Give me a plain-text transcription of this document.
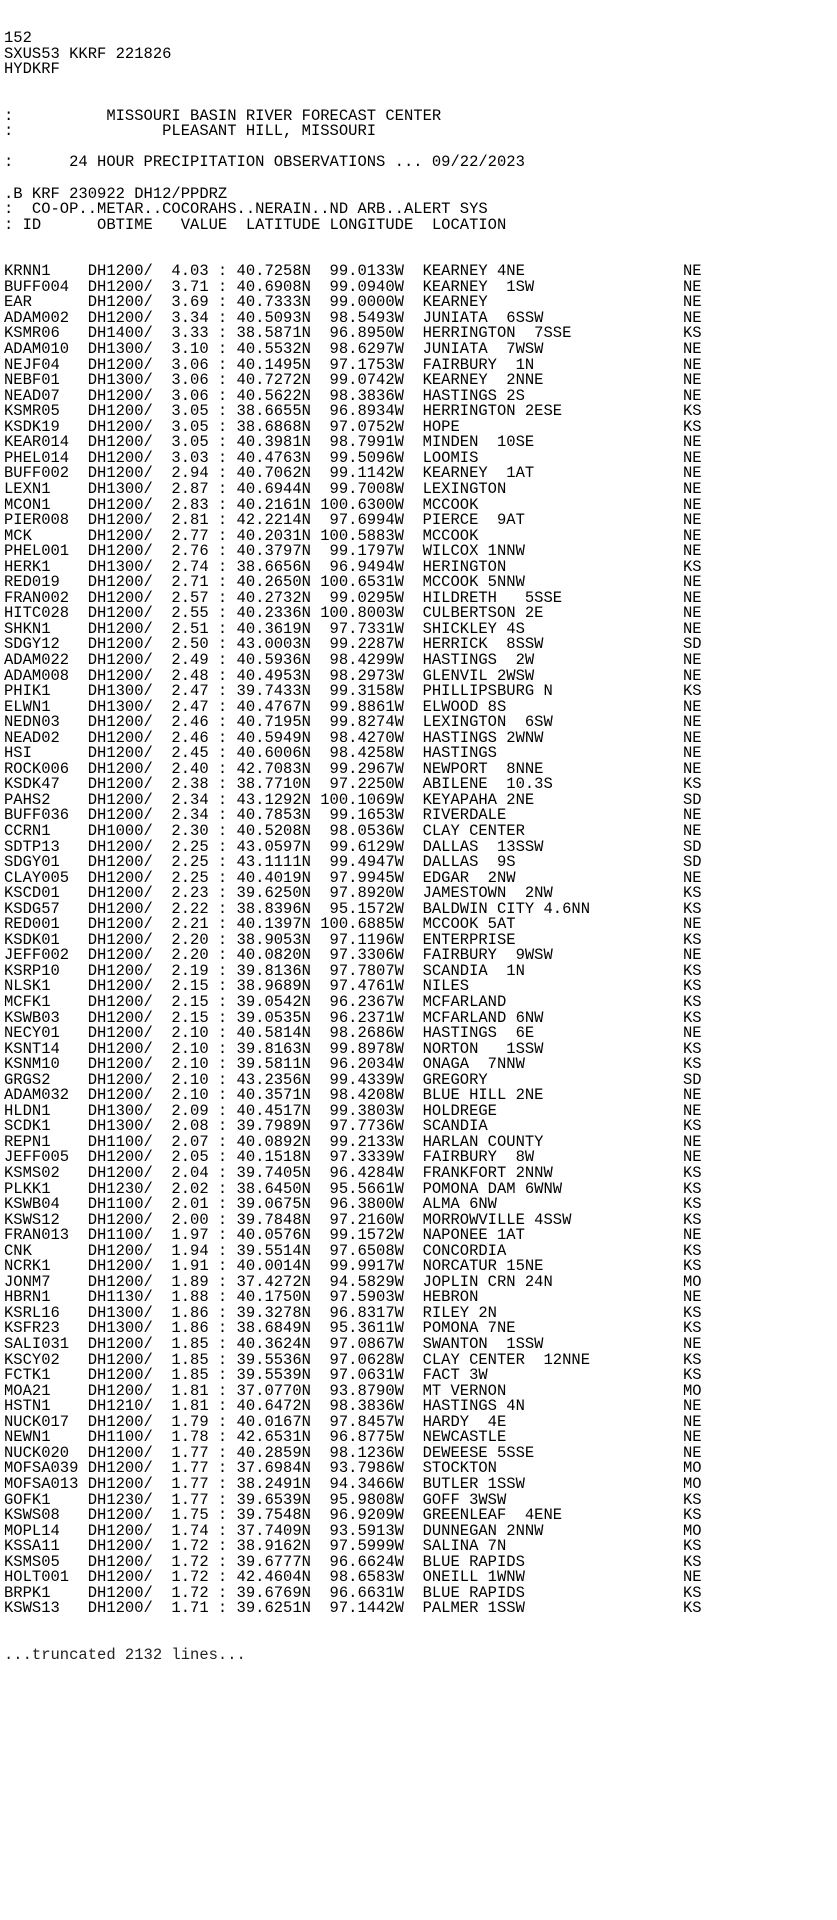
152
SXUS53 KKRF 221826
HYDKRF

:          MISSOURI BASIN RIVER FORECAST CENTER
:                PLEASANT HILL, MISSOURI

:      24 HOUR PRECIPITATION OBSERVATIONS ... 09/22/2023

.B KRF 230922 DH12/PPDRZ
:  CO-OP..METAR..COCORAHS..NERAIN..ND ARB..ALERT SYS
: ID      OBTIME   VALUE  LATITUDE LONGITUDE  LOCATION

KRNN1    DH1200/  4.03 : 40.7258N  99.0133W  KEARNEY 4NE                 NE
BUFF004  DH1200/  3.71 : 40.6908N  99.0940W  KEARNEY  1SW                NE
EAR      DH1200/  3.69 : 40.7333N  99.0000W  KEARNEY                     NE
ADAM002  DH1200/  3.34 : 40.5093N  98.5493W  JUNIATA  6SSW               NE
KSMR06   DH1400/  3.33 : 38.5871N  96.8950W  HERRINGTON  7SSE            KS
ADAM010  DH1300/  3.10 : 40.5532N  98.6297W  JUNIATA  7WSW               NE
NEJF04   DH1200/  3.06 : 40.1495N  97.1753W  FAIRBURY  1N                NE
NEBF01   DH1300/  3.06 : 40.7272N  99.0742W  KEARNEY  2NNE               NE
NEAD07   DH1200/  3.06 : 40.5622N  98.3836W  HASTINGS 2S                 NE
KSMR05   DH1200/  3.05 : 38.6655N  96.8934W  HERRINGTON 2ESE             KS
KSDK19   DH1200/  3.05 : 38.6868N  97.0752W  HOPE                        KS
KEAR014  DH1200/  3.05 : 40.3981N  98.7991W  MINDEN  10SE                NE
PHEL014  DH1200/  3.03 : 40.4763N  99.5096W  LOOMIS                      NE
BUFF002  DH1200/  2.94 : 40.7062N  99.1142W  KEARNEY  1AT                NE
LEXN1    DH1300/  2.87 : 40.6944N  99.7008W  LEXINGTON                   NE
MCON1    DH1200/  2.83 : 40.2161N 100.6300W  MCCOOK                      NE
PIER008  DH1200/  2.81 : 42.2214N  97.6994W  PIERCE  9AT                 NE
MCK      DH1200/  2.77 : 40.2031N 100.5883W  MCCOOK                      NE
PHEL001  DH1200/  2.76 : 40.3797N  99.1797W  WILCOX 1NNW                 NE
HERK1    DH1300/  2.74 : 38.6656N  96.9494W  HERINGTON                   KS
RED019   DH1200/  2.71 : 40.2650N 100.6531W  MCCOOK 5NNW                 NE
FRAN002  DH1200/  2.57 : 40.2732N  99.0295W  HILDRETH   5SSE             NE
HITC028  DH1200/  2.55 : 40.2336N 100.8003W  CULBERTSON 2E               NE
SHKN1    DH1200/  2.51 : 40.3619N  97.7331W  SHICKLEY 4S                 NE
SDGY12   DH1200/  2.50 : 43.0003N  99.2287W  HERRICK  8SSW               SD
ADAM022  DH1200/  2.49 : 40.5936N  98.4299W  HASTINGS  2W                NE
ADAM008  DH1200/  2.48 : 40.4953N  98.2973W  GLENVIL 2WSW                NE
PHIK1    DH1300/  2.47 : 39.7433N  99.3158W  PHILLIPSBURG N              KS
ELWN1    DH1300/  2.47 : 40.4767N  99.8861W  ELWOOD 8S                   NE
NEDN03   DH1200/  2.46 : 40.7195N  99.8274W  LEXINGTON  6SW              NE
NEAD02   DH1200/  2.46 : 40.5949N  98.4270W  HASTINGS 2WNW               NE
HSI      DH1200/  2.45 : 40.6006N  98.4258W  HASTINGS                    NE
ROCK006  DH1200/  2.40 : 42.7083N  99.2967W  NEWPORT  8NNE               NE
KSDK47   DH1200/  2.38 : 38.7710N  97.2250W  ABILENE  10.3S              KS
PAHS2    DH1200/  2.34 : 43.1292N 100.1069W  KEYAPAHA 2NE                SD
BUFF036  DH1200/  2.34 : 40.7853N  99.1653W  RIVERDALE                   NE
CCRN1    DH1000/  2.30 : 40.5208N  98.0536W  CLAY CENTER                 NE
SDTP13   DH1200/  2.25 : 43.0597N  99.6129W  DALLAS  13SSW               SD
SDGY01   DH1200/  2.25 : 43.1111N  99.4947W  DALLAS  9S                  SD
CLAY005  DH1200/  2.25 : 40.4019N  97.9945W  EDGAR  2NW                  NE
KSCD01   DH1200/  2.23 : 39.6250N  97.8920W  JAMESTOWN  2NW              KS
KSDG57   DH1200/  2.22 : 38.8396N  95.1572W  BALDWIN CITY 4.6NN          KS
RED001   DH1200/  2.21 : 40.1397N 100.6885W  MCCOOK 5AT                  NE
KSDK01   DH1200/  2.20 : 38.9053N  97.1196W  ENTERPRISE                  KS
JEFF002  DH1200/  2.20 : 40.0820N  97.3306W  FAIRBURY  9WSW              NE
KSRP10   DH1200/  2.19 : 39.8136N  97.7807W  SCANDIA  1N                 KS
NLSK1    DH1200/  2.15 : 38.9689N  97.4761W  NILES                       KS
MCFK1    DH1200/  2.15 : 39.0542N  96.2367W  MCFARLAND                   KS
KSWB03   DH1200/  2.15 : 39.0535N  96.2371W  MCFARLAND 6NW               KS
NECY01   DH1200/  2.10 : 40.5814N  98.2686W  HASTINGS  6E                NE
KSNT14   DH1200/  2.10 : 39.8163N  99.8978W  NORTON   1SSW               KS
KSNM10   DH1200/  2.10 : 39.5811N  96.2034W  ONAGA  7NNW                 KS
GRGS2    DH1200/  2.10 : 43.2356N  99.4339W  GREGORY                     SD
ADAM032  DH1200/  2.10 : 40.3571N  98.4208W  BLUE HILL 2NE               NE
HLDN1    DH1300/  2.09 : 40.4517N  99.3803W  HOLDREGE                    NE
SCDK1    DH1300/  2.08 : 39.7989N  97.7736W  SCANDIA                     KS
REPN1    DH1100/  2.07 : 40.0892N  99.2133W  HARLAN COUNTY               NE
JEFF005  DH1200/  2.05 : 40.1518N  97.3339W  FAIRBURY  8W                NE
KSMS02   DH1200/  2.04 : 39.7405N  96.4284W  FRANKFORT 2NNW              KS
PLKK1    DH1230/  2.02 : 38.6450N  95.5661W  POMONA DAM 6WNW             KS
KSWB04   DH1100/  2.01 : 39.0675N  96.3800W  ALMA 6NW                    KS
KSWS12   DH1200/  2.00 : 39.7848N  97.2160W  MORROWVILLE 4SSW            KS
FRAN013  DH1100/  1.97 : 40.0576N  99.1572W  NAPONEE 1AT                 NE
CNK      DH1200/  1.94 : 39.5514N  97.6508W  CONCORDIA                   KS
NCRK1    DH1200/  1.91 : 40.0014N  99.9917W  NORCATUR 15NE               KS
JONM7    DH1200/  1.89 : 37.4272N  94.5829W  JOPLIN CRN 24N              MO
HBRN1    DH1130/  1.88 : 40.1750N  97.5903W  HEBRON                      NE
KSRL16   DH1300/  1.86 : 39.3278N  96.8317W  RILEY 2N                    KS
KSFR23   DH1300/  1.86 : 38.6849N  95.3611W  POMONA 7NE                  KS
SALI031  DH1200/  1.85 : 40.3624N  97.0867W  SWANTON  1SSW               NE
KSCY02   DH1200/  1.85 : 39.5536N  97.0628W  CLAY CENTER  12NNE          KS
FCTK1    DH1200/  1.85 : 39.5539N  97.0631W  FACT 3W                     KS
MOA21    DH1200/  1.81 : 37.0770N  93.8790W  MT VERNON                   MO
HSTN1    DH1210/  1.81 : 40.6472N  98.3836W  HASTINGS 4N                 NE
NUCK017  DH1200/  1.79 : 40.0167N  97.8457W  HARDY  4E                   NE
NEWN1    DH1100/  1.78 : 42.6531N  96.8775W  NEWCASTLE                   NE
NUCK020  DH1200/  1.77 : 40.2859N  98.1236W  DEWEESE 5SSE                NE
MOFSA039 DH1200/  1.77 : 37.6984N  93.7986W  STOCKTON                    MO
MOFSA013 DH1200/  1.77 : 38.2491N  94.3466W  BUTLER 1SSW                 MO
GOFK1    DH1230/  1.77 : 39.6539N  95.9808W  GOFF 3WSW                   KS
KSWS08   DH1200/  1.75 : 39.7548N  96.9209W  GREENLEAF  4ENE             KS
MOPL14   DH1200/  1.74 : 37.7409N  93.5913W  DUNNEGAN 2NNW               MO
KSSA11   DH1200/  1.72 : 38.9162N  97.5999W  SALINA 7N                   KS
KSMS05   DH1200/  1.72 : 39.6777N  96.6624W  BLUE RAPIDS                 KS
HOLT001  DH1200/  1.72 : 42.4604N  98.6583W  ONEILL 1WNW                 NE
BRPK1    DH1200/  1.72 : 39.6769N  96.6631W  BLUE RAPIDS                 KS
KSWS13   DH1200/  1.71 : 39.6251N  97.1442W  PALMER 1SSW                 KS

...truncated 2132 lines...
